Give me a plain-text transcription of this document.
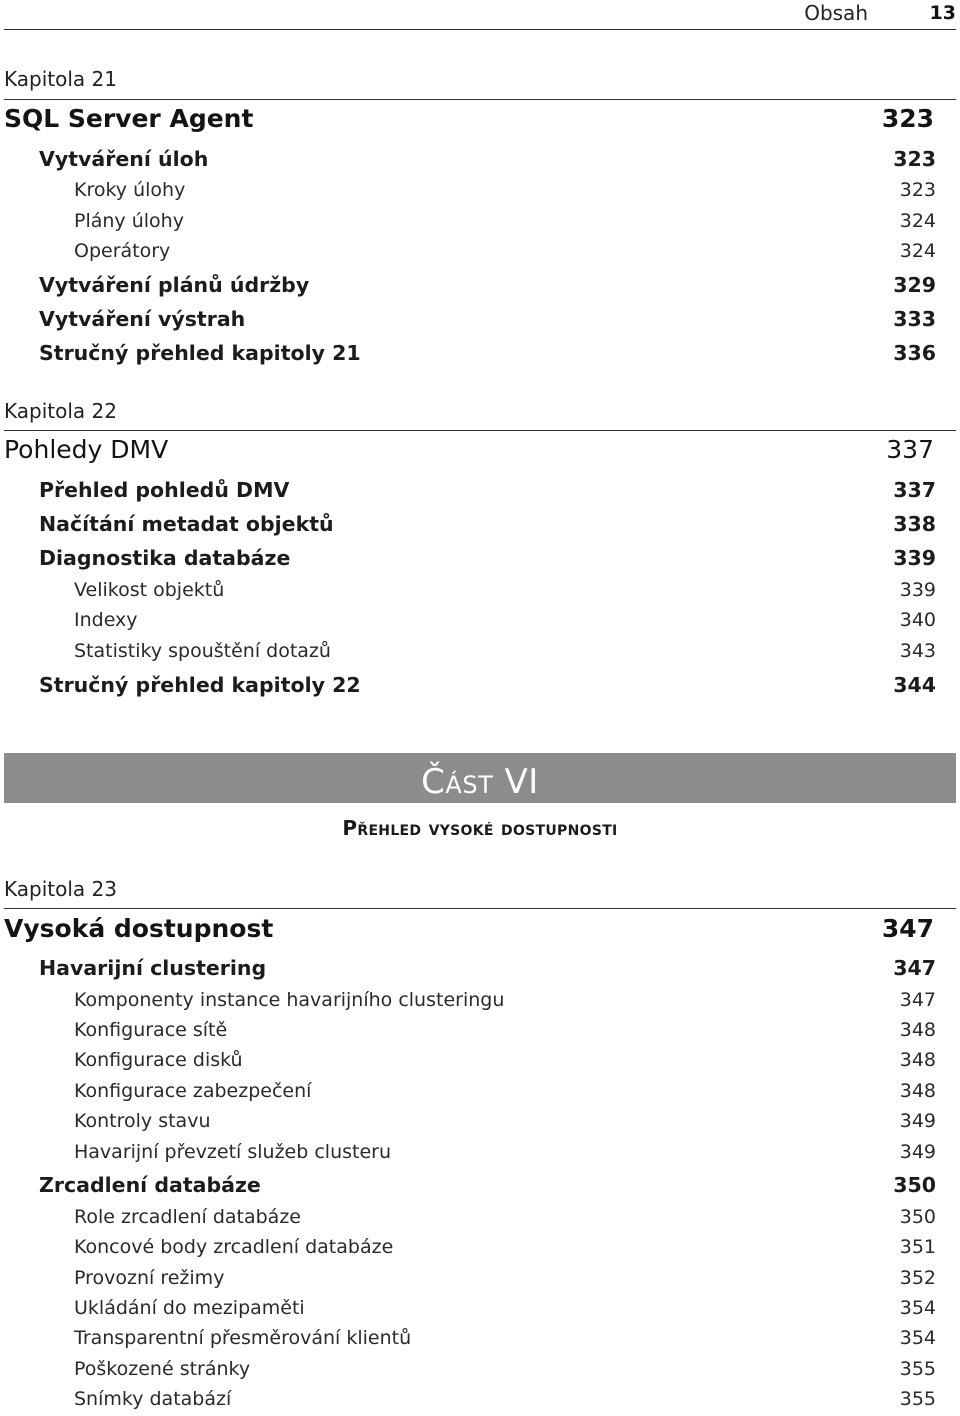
Obsah	13
Kapitola 21
SQL Server Agent	323
Vytváření úloh	323
Kroky úlohy	323
Plány úlohy	324
Operátory	324
Vytváření plánů údržby	329
Vytváření výstrah	333
Stručný přehled kapitoly 21	336
Kapitola 22
Pohledy DMV	337
Přehled pohledů DMV	337
Načítání metadat objektů	338
Diagnostika databáze	339
Velikost objektů	339
Indexy	340
Statistiky spouštění dotazů	343
Stručný přehled kapitoly 22	344
Kapitola 23
Vysoká dostupnost	347
Havarijní clustering	347
Komponenty instance havarijního clusteringu	347
Konfigurace sítě	348
Konfigurace disků	348
Konfigurace zabezpečení	348
Kontroly stavu	349
Havarijní převzetí služeb clusteru	349
Zrcadlení databáze	350
Role zrcadlení databáze	350
Koncové body zrcadlení databáze	351
Provozní režimy	352
Ukládání do mezipaměti	354
Transparentní přesměrování klientů	354
Poškozené stránky	355
Snímky databází	355
Část VI
Přehled vysoké dostupnosti
